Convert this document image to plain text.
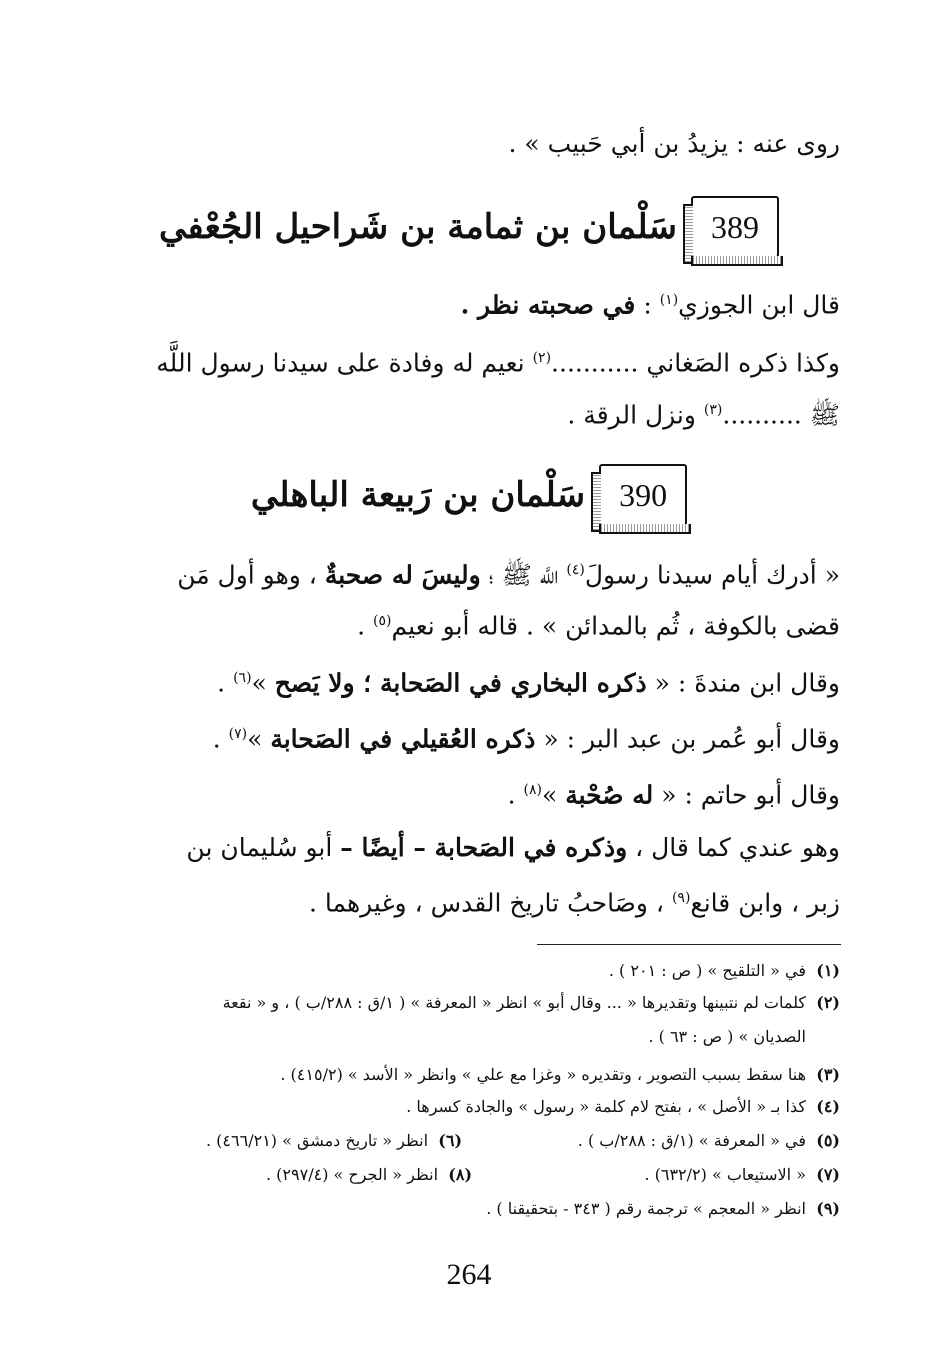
روى عنه : يزيدُ بن أبي حَبيب » .
389
سَلْمان بن ثمامة بن شَراحيل الجُعْفي
قال ابن الجوزي$^{(١)}$ : في صحبته نظر .
وكذا ذكره الصَغاني ...........$^{(٢)}$ نعيم له وفادة على سيدنا رسول اللَّه
ﷺ ..........$^{(٣)}$ ونزل الرقة .
390
سَلْمان بن رَبيعة الباهلي
« أدرك أيام سيدنا رسولَ$^{(٤)}$ اللَّه ﷺ ؛ وليسَ له صحبةٌ ، وهو أول مَن
قضى بالكوفة ، ثُم بالمدائن » . قاله أبو نعيم$^{(٥)}$ .
وقال ابن مندةَ : « ذكره البخاري في الصَحابة ؛ ولا يَصح »$^{(٦)}$ .
وقال أبو عُمر بن عبد البر : « ذكره العُقيلي في الصَحابة »$^{(٧)}$ .
وقال أبو حاتم : « له صُحْبة »$^{(٨)}$ .
وهو عندي كما قال ، وذكره في الصَحابة – أيضًا – أبو سُليمان بن
زبر ، وابن قانع$^{(٩)}$ ، وصَاحبُ تاريخ القدس ، وغيرهما .
(١)في « التلقيح » ( ص : ٢٠١ ) .
(٢)كلمات لم نتبينها وتقديرها « ... وقال أبو » انظر « المعرفة » ( ١/ق : ٢٨٨/ب ) ، و « نقعة
الصديان » ( ص : ٦٣ ) .
(٣)هنا سقط بسبب التصوير ، وتقديره « وغزا مع علي » وانظر « الأسد » (٤١٥/٢) .
(٤)كذا بـ « الأصل » ، بفتح لام كلمة « رسول » والجادة كسرها .
(٥)في « المعرفة » (١/ق : ٢٨٨/ب ) .
(٦)انظر « تاريخ دمشق » (٤٦٦/٢١) .
(٧)« الاستيعاب » (٦٣٢/٢) .
(٨)انظر « الجرح » (٢٩٧/٤) .
(٩)انظر « المعجم » ترجمة رقم ( ٣٤٣ - بتحقيقنا ) .
264
